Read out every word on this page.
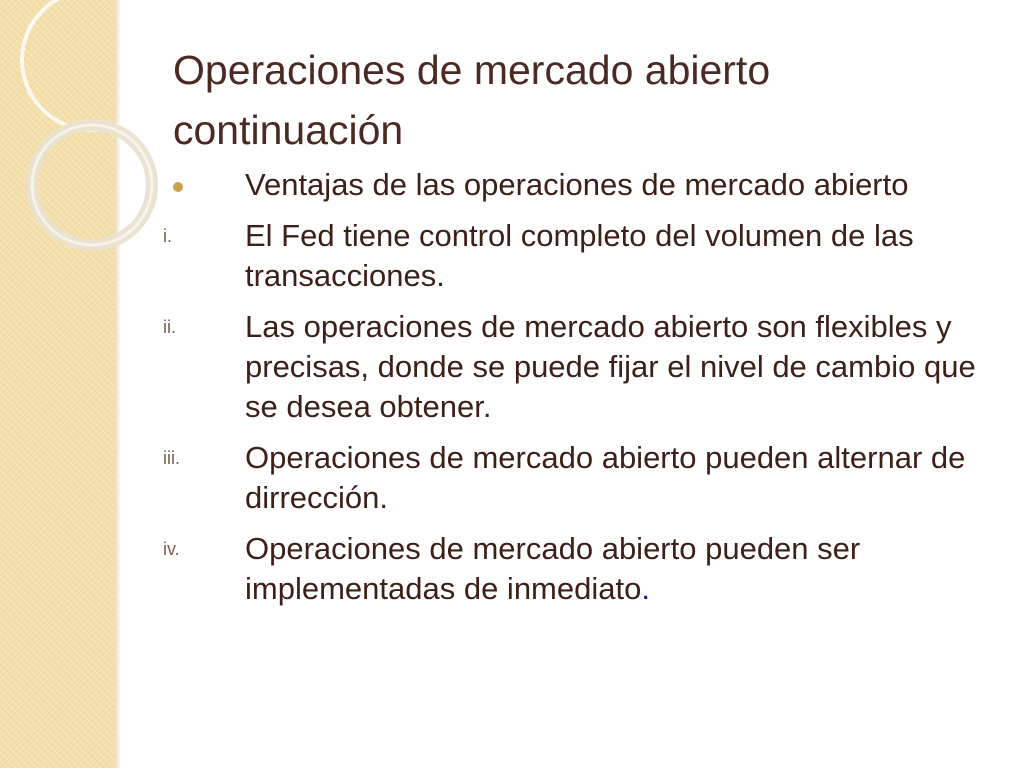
Operaciones de mercado abierto
continuación
Ventajas de las operaciones de mercado abierto
i. El Fed tiene control completo del volumen de las transacciones.
ii. Las operaciones de mercado abierto son flexibles y precisas, donde se puede fijar el nivel de cambio que se desea obtener.
iii. Operaciones de mercado abierto pueden alternar de dirrección.
iv. Operaciones de mercado abierto pueden ser implementadas de inmediato.
